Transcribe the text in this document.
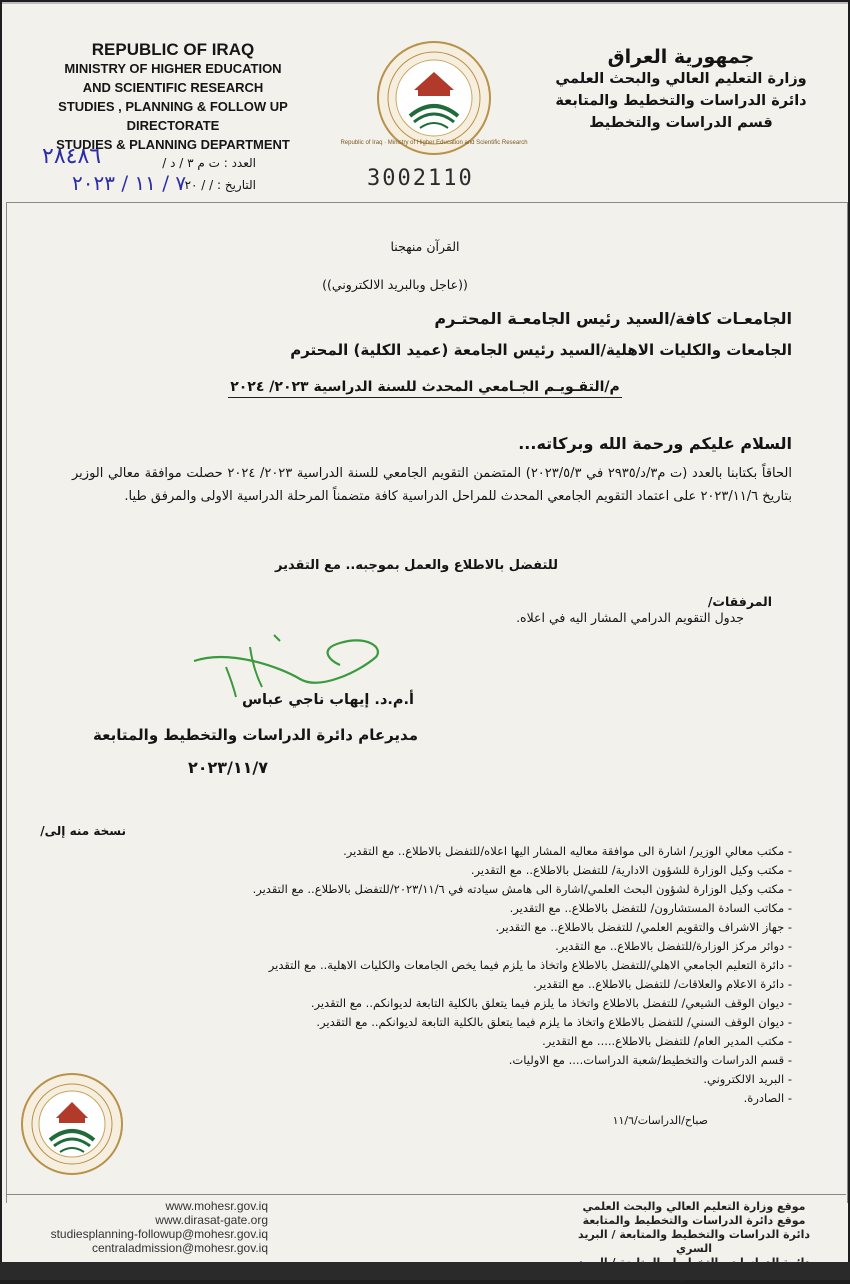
REPUBLIC OF IRAQ
MINISTRY OF HIGHER EDUCATION
AND SCIENTIFIC RESEARCH
STUDIES , PLANNING & FOLLOW UP DIRECTORATE
STUDIES & PLANNING DEPARTMENT
جمهورية العراق
وزارة التعليم العالي والبحث العلمي
دائرة الدراسات والتخطيط والمتابعة
قسم الدراسات والتخطيط
Republic of Iraq · Ministry of Higher Education and Scientific Research
العدد : ت م ٣ / د /
التاريخ : / / ٢٠
٢٨٤٨٦
٧ / ١١ / ٢٠٢٣	3002110
القرآن منهجنا
((عاجل وبالبريد الالكتروني))
الجامعـات كافة/السيد رئيس الجامعـة المحتـرم
الجامعات والكليات الاهلية/السيد رئيس الجامعة (عميد الكلية) المحترم
م/التقـويـم الجـامعي المحدث للسنة الدراسية ٢٠٢٣/ ٢٠٢٤
السلام عليكم ورحمة الله وبركاته...
الحاقاً بكتابنا بالعدد (ت م٣/د/٢٩٣٥ في ٢٠٢٣/٥/٣) المتضمن التقويم الجامعي للسنة الدراسية ٢٠٢٣/ ٢٠٢٤ حصلت موافقة معالي الوزير بتاريخ ٢٠٢٣/١١/٦ على اعتماد التقويم الجامعي المحدث للمراحل الدراسية كافة متضمناً المرحلة الدراسية الاولى والمرفق طيا.
للتفضل بالاطلاع والعمل بموجبه.. مع التقدير
المرفقات/
جدول التقويم الدرامي المشار اليه في اعلاه.
أ.م.د. إيهاب ناجي عباس
مديرعام دائرة الدراسات والتخطيط والمتابعة
٢٠٢٣/١١/٧
نسخة منه إلى/
- مكتب معالي الوزير/ اشارة الى موافقة معاليه المشار اليها اعلاه/للتفضل بالاطلاع.. مع التقدير.
- مكتب وكيل الوزارة للشؤون الادارية/ للتفضل بالاطلاع.. مع التقدير.
- مكتب وكيل الوزارة لشؤون البحث العلمي/اشارة الى هامش سيادته في ٢٠٢٣/١١/٦/للتفضل بالاطلاع.. مع التقدير.
- مكاتب السادة المستشارون/ للتفضل بالاطلاع.. مع التقدير.
- جهاز الاشراف والتقويم العلمي/ للتفضل بالاطلاع.. مع التقدير.
- دوائر مركز الوزارة/للتفضل بالاطلاع.. مع التقدير.
- دائرة التعليم الجامعي الاهلي/للتفضل بالاطلاع واتخاذ ما يلزم فيما يخص الجامعات والكليات الاهلية.. مع التقدير
- دائرة الاعلام والعلاقات/ للتفضل بالاطلاع.. مع التقدير.
- ديوان الوقف الشيعي/ للتفضل بالاطلاع واتخاذ ما يلزم فيما يتعلق بالكلية التابعة لديوانكم.. مع التقدير.
- ديوان الوقف السني/ للتفضل بالاطلاع واتخاذ ما يلزم فيما يتعلق بالكلية التابعة لديوانكم.. مع التقدير.
- مكتب المدير العام/ للتفضل بالاطلاع..... مع التقدير.
- قسم الدراسات والتخطيط/شعبة الدراسات.... مع الاوليات.
- البريد الالكتروني.
- الصادرة.
صباح/الدراسات/١١/٦
www.mohesr.gov.iq
www.dirasat-gate.org
studiesplanning-followup@mohesr.gov.iq
centraladmission@mohesr.gov.iq
موقع وزارة التعليم العالي والبحث العلمي
موقع دائرة الدراسات والتخطيط والمتابعة
دائرة الدراسات والتخطيط والمتابعة / البريد السري
